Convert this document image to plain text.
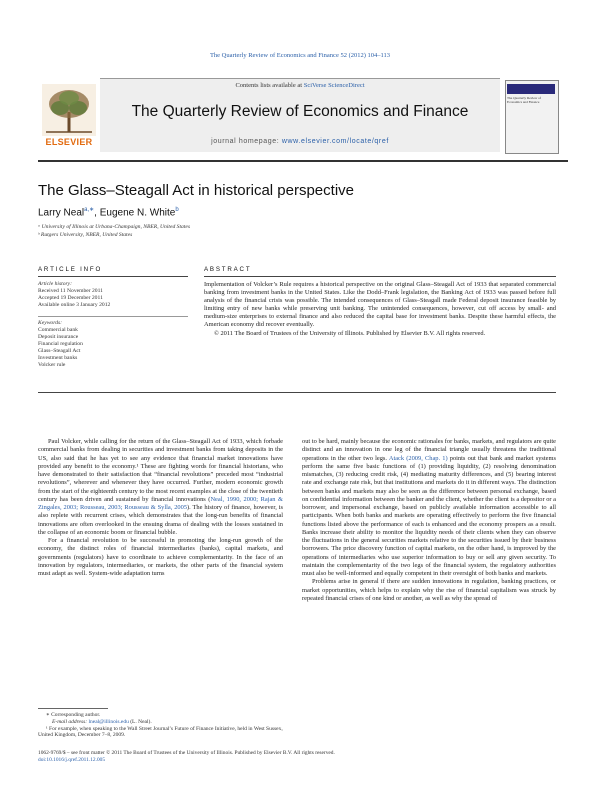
The Quarterly Review of Economics and Finance 52 (2012) 104–113
Contents lists available at SciVerse ScienceDirect
The Quarterly Review of Economics and Finance
journal homepage: www.elsevier.com/locate/qref
ELSEVIER
The Quarterly Review of Economics and Finance
The Glass–Steagall Act in historical perspective
Larry Neal$^{a,∗}$, Eugene N. White$^b$
ᵃ University of Illinois at Urbana-Champaign, NBER, United States
ᵇ Rutgers University, NBER, United States
ARTICLE INFO	ABSTRACT
Article history:
Received 11 November 2011
Accepted 19 December 2011
Available online 3 January 2012
Keywords:
Commercial bank
Deposit insurance
Financial regulation
Glass–Steagall Act
Investment banks
Volcker rule
Implementation of Volcker’s Rule requires a historical perspective on the original Glass–Steagall Act of 1933 that separated commercial banking from investment banks in the United States. Like the Dodd–Frank legislation, the Banking Act of 1933 was passed before full analysis of the financial crisis was possible. The intended consequences of Glass–Steagall made Federal deposit insurance feasible by limiting entry of new banks while preserving unit banking. The unintended consequences, however, cut off access by small- and medium-size enterprises to external finance and also reduced the capital base for investment banks. Despite these harmful effects, the American economy did recover eventually.
© 2011 The Board of Trustees of the University of Illinois. Published by Elsevier B.V. All rights reserved.

Paul Volcker, while calling for the return of the Glass–Steagall Act of 1933, which forbade commercial banks from dealing in securities and investment banks from taking deposits in the US, also said that he has yet to see any evidence that financial market innovations have provided any benefit to the economy.¹ These are fighting words for financial historians, who have demonstrated to their satisfaction that “financial revolutions” preceded most “industrial revolutions”, wherever and whenever they have occurred. Further, modern economic growth from the start of the eighteenth century to the most recent examples at the close of the twentieth century has been driven and sustained by financial innovations (Neal, 1990, 2000; Rajan & Zingales, 2003; Rousseau, 2003; Rousseau & Sylla, 2005). The history of finance, however, is also replete with recurrent crises, which demonstrates that the long-run benefits of financial innovations are often overlooked in the ensuing drama of dealing with the losses sustained in the collapse of an economic boom or financial bubble.

For a financial revolution to be successful in promoting the long-run growth of the economy, the distinct roles of financial intermediaries (banks), capital markets, and governments (regulators) have to coordinate to achieve complementarity. In the face of an innovation by regulators, intermediaries, or markets, the other parts of the financial system must adapt as well. System-wide adaptation turns

out to be hard, mainly because the economic rationales for banks, markets, and regulators are quite distinct and an innovation in one leg of the financial triangle usually threatens the traditional operations in the other two legs. Atack (2009, Chap. 1) points out that bank and market systems perform the same five basic functions of (1) providing liquidity, (2) resolving denomination mismatches, (3) reducing credit risk, (4) mediating maturity differences, and (5) bearing interest rate and exchange rate risk, but that institutions and markets do it in different ways. The distinction between banks and markets may also be seen as the difference between personal exchange, based on confidential information between the banker and the client, whether the client is a depositor or a borrower, and impersonal exchange, based on publicly available information accessible to all participants. When both banks and markets are operating effectively to perform the five financial functions listed above the performance of each is enhanced and the economy prospers as a result. Banks increase their ability to monitor the liquidity needs of their clients when they can observe the fluctuations in the general securities markets relative to the securities issued by their business borrowers. The price discovery function of capital markets, on the other hand, is improved by the operations of intermediaries who use superior information to buy or sell any given security. To maintain the complementarity of the two legs of the financial system, the regulatory authorities must also be well-informed and equally competent in their oversight of both banks and markets.

Problems arise in general if there are sudden innovations in regulation, banking practices, or market opportunities, which helps to explain why the rise of financial capitalism was struck by repeated financial crises of one kind or another, as well as why the spread of

∗ Corresponding author.
E-mail address: lneal@illinois.edu (L. Neal).
¹ For example, when speaking to the Wall Street Journal’s Future of Finance Initiative, held in West Sussex, United Kingdom, December 7–8, 2009.
1062-9769/$ – see front matter © 2011 The Board of Trustees of the University of Illinois. Published by Elsevier B.V. All rights reserved.
doi:10.1016/j.qref.2011.12.005
